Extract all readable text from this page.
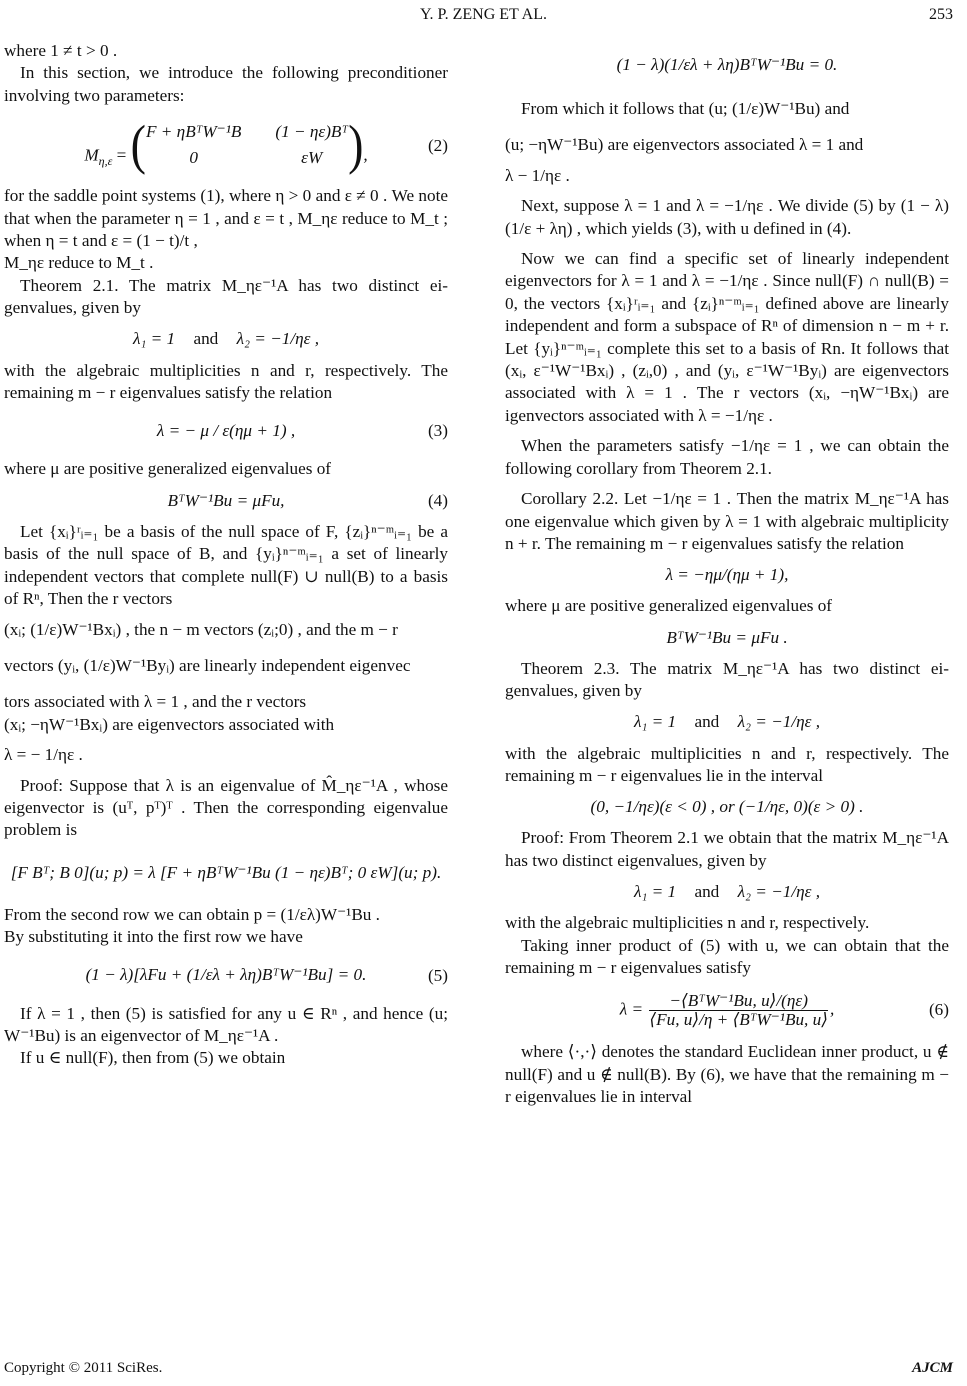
Y. P. ZENG ET AL.	253

where 1 ≠ t > 0 .

In this section, we introduce the following preconditioner involving two parameters:

$M_{\eta,\varepsilon}$ = ( F + ηBᵀW⁻¹B (1 − ηε)Bᵀ
0	εW ) ,	(2)

for the saddle point systems (1), where η > 0 and ε ≠ 0 . We note that when the parameter η = 1 , and ε = t , M_ηε reduce to M_t ; when η = t and ε = (1 − t)/t ,

M_ηε reduce to M_t .

Theorem 2.1. The matrix M_ηε⁻¹A has two distinct eigenvalues, given by

λ₁ = 1 and λ₂ = −1/ηε ,

with the algebraic multiplicities n and r, respectively. The remaining m − r eigenvalues satisfy the relation

λ = − μ / ε(ημ + 1) ,	(3)

where μ are positive generalized eigenvalues of

BᵀW⁻¹Bu = μFu,	(4)

Let {xᵢ}ʳᵢ₌₁ be a basis of the null space of F, {zᵢ}ⁿ⁻ᵐᵢ₌₁ be a basis of the null space of B, and {yᵢ}ⁿ⁻ᵐᵢ₌₁ a set of linearly independent vectors that complete null(F) ∪ null(B) to a basis of Rⁿ, Then the r vectors

(xᵢ; (1/ε)W⁻¹Bxᵢ) , the n − m vectors (zᵢ;0) , and the m − r

vectors (yᵢ, (1/ε)W⁻¹Byᵢ) are linearly independent eigenvec

tors associated with λ = 1 , and the r vectors

(xᵢ; −ηW⁻¹Bxᵢ) are eigenvectors associated with

λ = − 1/ηε .

Proof: Suppose that λ is an eigenvalue of M̂_ηε⁻¹A , whose eigenvector is (uᵀ, pᵀ)ᵀ . Then the corresponding eigenvalue problem is

[F Bᵀ; B 0](u; p) = λ [F + ηBᵀW⁻¹Bu (1 − ηε)Bᵀ; 0 εW](u; p).

From the second row we can obtain p = (1/ελ)W⁻¹Bu .

By substituting it into the first row we have

(1 − λ)[λFu + (1/ελ + λη)BᵀW⁻¹Bu] = 0.	(5)

If λ = 1 , then (5) is satisfied for any u ∈ Rⁿ , and hence (u; W⁻¹Bu) is an eigenvector of M_ηε⁻¹A .

If u ∈ null(F), then from (5) we obtain

(1 − λ)(1/ελ + λη)BᵀW⁻¹Bu = 0.

From which it follows that (u; (1/ε)W⁻¹Bu) and

(u; −ηW⁻¹Bu) are eigenvectors associated λ = 1 and

λ − 1/ηε .

Next, suppose λ = 1 and λ = −1/ηε . We divide (5) by (1 − λ)(1/ε + λη) , which yields (3), with u defined in (4).

Now we can find a specific set of linearly independent eigenvectors for λ = 1 and λ = −1/ηε . Since null(F) ∩ null(B) = 0, the vectors {xᵢ}ʳᵢ₌₁ and {zᵢ}ⁿ⁻ᵐᵢ₌₁ defined above are linearly independent and form a subspace of Rⁿ of dimension n − m + r. Let {yᵢ}ⁿ⁻ᵐᵢ₌₁ complete this set to a basis of Rn. It follows that (xᵢ, ε⁻¹W⁻¹Bxᵢ) , (zᵢ,0) , and (yᵢ, ε⁻¹W⁻¹Byᵢ) are eigenvectors associated with λ = 1 . The r vectors (xᵢ, −ηW⁻¹Bxᵢ) are igenvectors associated with λ = −1/ηε .

When the parameters satisfy −1/ηε = 1 , we can obtain the following corollary from Theorem 2.1.

Corollary 2.2. Let −1/ηε = 1 . Then the matrix M_ηε⁻¹A has one eigenvalue which given by λ = 1 with algebraic multiplicity n + r. The remaining m − r eigenvalues satisfy the relation

λ = −ημ/(ημ + 1),

where μ are positive generalized eigenvalues of

BᵀW⁻¹Bu = μFu .

Theorem 2.3. The matrix M_ηε⁻¹A has two distinct eigenvalues, given by

λ₁ = 1 and λ₂ = −1/ηε ,

with the algebraic multiplicities n and r, respectively. The remaining m − r eigenvalues lie in the interval

(0, −1/ηε)(ε < 0) , or (−1/ηε, 0)(ε > 0) .

Proof: From Theorem 2.1 we obtain that the matrix M_ηε⁻¹A has two distinct eigenvalues, given by

λ₁ = 1 and λ₂ = −1/ηε ,

with the algebraic multiplicities n and r, respectively.

Taking inner product of (5) with u, we can obtain that the remaining m − r eigenvalues satisfy

$\lambda = \frac{\text{−⟨BᵀW⁻¹Bu, u⟩/(ηε)}}{\text{⟨Fu, u⟩/η + ⟨BᵀW⁻¹Bu, u⟩}}$ ,	(6)

where ⟨·,·⟩ denotes the standard Euclidean inner product, u ∉ null(F) and u ∉ null(B). By (6), we have that the remaining m − r eigenvalues lie in interval

Copyright © 2011 SciRes.	AJCM
